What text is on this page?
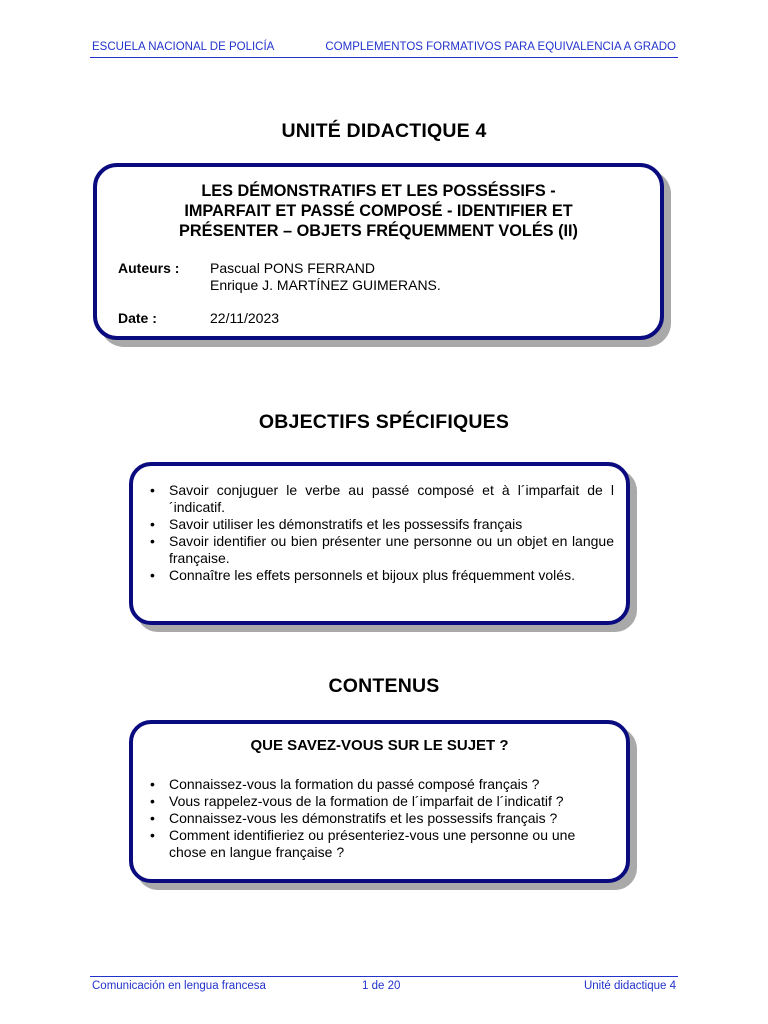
ESCUELA NACIONAL DE POLICÍA	COMPLEMENTOS FORMATIVOS PARA EQUIVALENCIA A GRADO
UNITÉ DIDACTIQUE 4
LES DÉMONSTRATIFS ET LES POSSÉSSIFS -
IMPARFAIT ET PASSÉ COMPOSÉ - IDENTIFIER ET
PRÉSENTER – OBJETS FRÉQUEMMENT VOLÉS (II)
Auteurs : Pascual PONS FERRAND
Enrique J. MARTÍNEZ GUIMERANS.
Date :	22/11/2023
OBJECTIFS SPÉCIFIQUES
• Savoir conjuguer le verbe au passé composé et à l´imparfait de l´indicatif.
• Savoir utiliser les démonstratifs et les possessifs français
• Savoir identifier ou bien présenter une personne ou un objet en langue française.
• Connaître les effets personnels et bijoux plus fréquemment volés.
CONTENUS
QUE SAVEZ-VOUS SUR LE SUJET ?
• Connaissez-vous la formation du passé composé français ?
• Vous rappelez-vous de la formation de l´imparfait de l´indicatif ?
• Connaissez-vous les démonstratifs et les possessifs français ?
• Comment identifieriez ou présenteriez-vous une personne ou une chose en langue française ?
Comunicación en lengua francesa	1 de 20	Unité didactique 4
